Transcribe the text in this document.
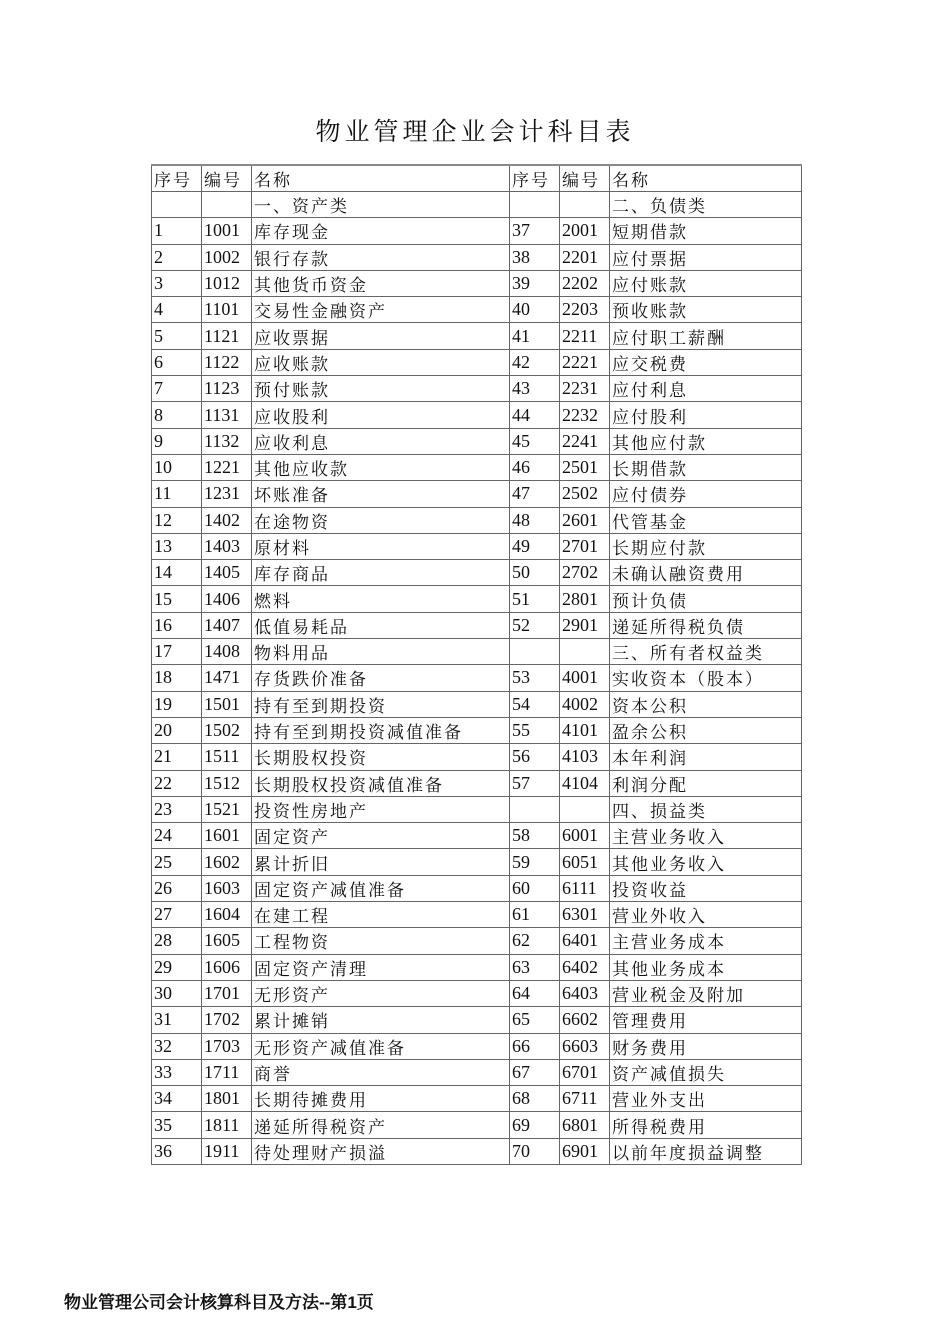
物业管理企业会计科目表
序号	编号	名称	序号	编号	名称
		一、资产类			二、负债类
1	1001	库存现金	37	2001	短期借款
2	1002	银行存款	38	2201	应付票据
3	1012	其他货币资金	39	2202	应付账款
4	1101	交易性金融资产	40	2203	预收账款
5	1121	应收票据	41	2211	应付职工薪酬
6	1122	应收账款	42	2221	应交税费
7	1123	预付账款	43	2231	应付利息
8	1131	应收股利	44	2232	应付股利
9	1132	应收利息	45	2241	其他应付款
10	1221	其他应收款	46	2501	长期借款
11	1231	坏账准备	47	2502	应付债券
12	1402	在途物资	48	2601	代管基金
13	1403	原材料	49	2701	长期应付款
14	1405	库存商品	50	2702	未确认融资费用
15	1406	燃料	51	2801	预计负债
16	1407	低值易耗品	52	2901	递延所得税负债
17	1408	物料用品			三、所有者权益类
18	1471	存货跌价准备	53	4001	实收资本（股本）
19	1501	持有至到期投资	54	4002	资本公积
20	1502	持有至到期投资减值准备	55	4101	盈余公积
21	1511	长期股权投资	56	4103	本年利润
22	1512	长期股权投资减值准备	57	4104	利润分配
23	1521	投资性房地产			四、损益类
24	1601	固定资产	58	6001	主营业务收入
25	1602	累计折旧	59	6051	其他业务收入
26	1603	固定资产减值准备	60	6111	投资收益
27	1604	在建工程	61	6301	营业外收入
28	1605	工程物资	62	6401	主营业务成本
29	1606	固定资产清理	63	6402	其他业务成本
30	1701	无形资产	64	6403	营业税金及附加
31	1702	累计摊销	65	6602	管理费用
32	1703	无形资产减值准备	66	6603	财务费用
33	1711	商誉	67	6701	资产减值损失
34	1801	长期待摊费用	68	6711	营业外支出
35	1811	递延所得税资产	69	6801	所得税费用
36	1911	待处理财产损溢	70	6901	以前年度损益调整
物业管理公司会计核算科目及方法--第1页
